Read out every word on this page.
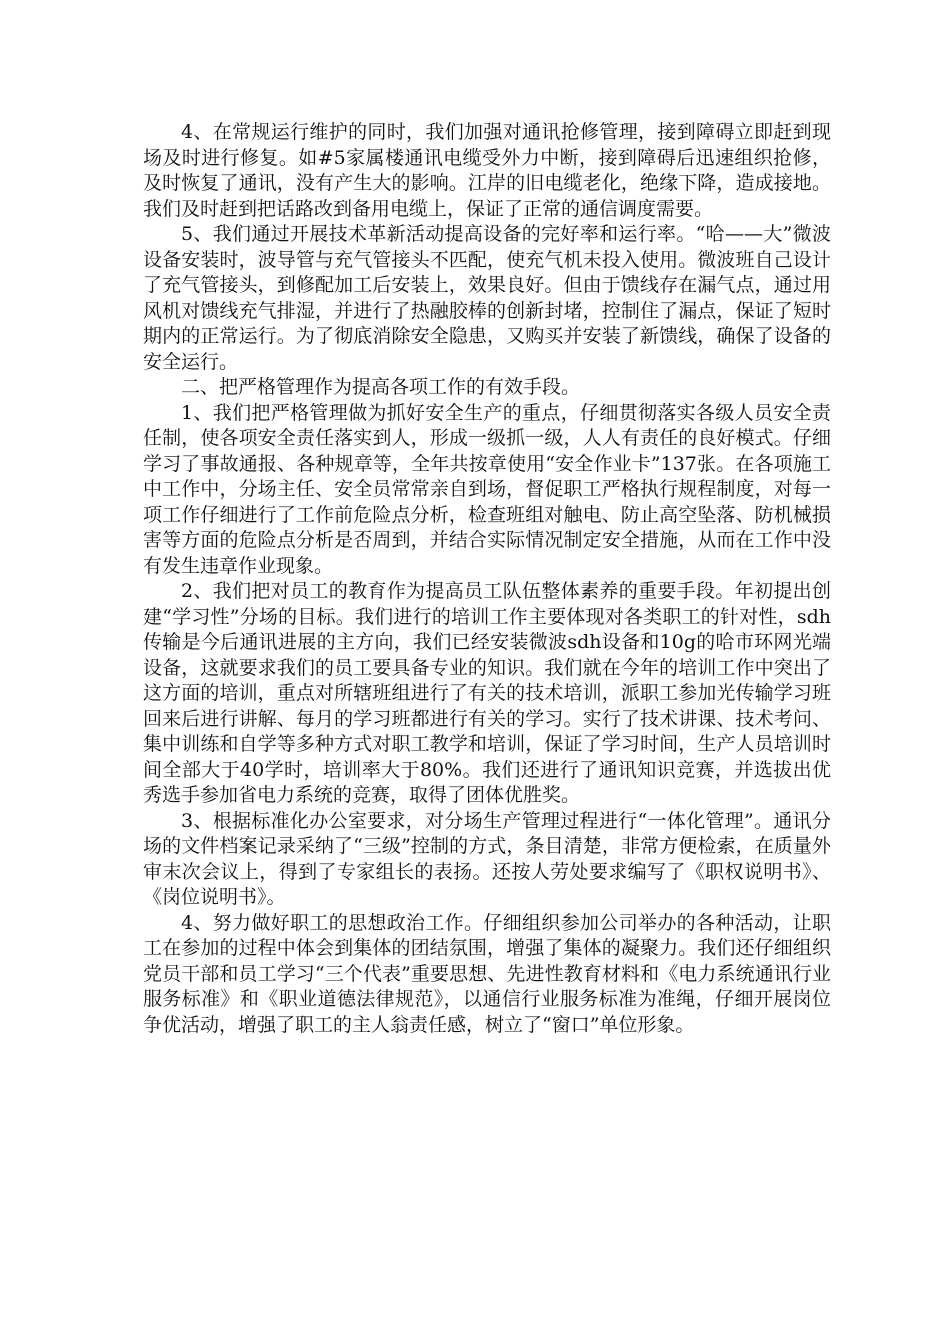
4、在常规运行维护的同时，我们加强对通讯抢修管理，接到障碍立即赶到现场及时进行修复。如#5家属楼通讯电缆受外力中断，接到障碍后迅速组织抢修，及时恢复了通讯，没有产生大的影响。江岸的旧电缆老化，绝缘下降，造成接地。我们及时赶到把话路改到备用电缆上，保证了正常的通信调度需要。

5、我们通过开展技术革新活动提高设备的完好率和运行率。“哈——大”微波设备安装时，波导管与充气管接头不匹配，使充气机未投入使用。微波班自己设计了充气管接头，到修配加工后安装上，效果良好。但由于馈线存在漏气点，通过用风机对馈线充气排湿，并进行了热融胶棒的创新封堵，控制住了漏点，保证了短时期内的正常运行。为了彻底消除安全隐患，又购买并安装了新馈线，确保了设备的安全运行。

二、把严格管理作为提高各项工作的有效手段。

1、我们把严格管理做为抓好安全生产的重点，仔细贯彻落实各级人员安全责任制，使各项安全责任落实到人，形成一级抓一级，人人有责任的良好模式。仔细学习了事故通报、各种规章等，全年共按章使用“安全作业卡”137张。在各项施工中工作中，分场主任、安全员常常亲自到场，督促职工严格执行规程制度，对每一项工作仔细进行了工作前危险点分析，检查班组对触电、防止高空坠落、防机械损害等方面的危险点分析是否周到，并结合实际情况制定安全措施，从而在工作中没有发生违章作业现象。

2、我们把对员工的教育作为提高员工队伍整体素养的重要手段。年初提出创建“学习性”分场的目标。我们进行的培训工作主要体现对各类职工的针对性，sdh传输是今后通讯进展的主方向，我们已经安装微波sdh设备和10g的哈市环网光端设备，这就要求我们的员工要具备专业的知识。我们就在今年的培训工作中突出了这方面的培训，重点对所辖班组进行了有关的技术培训，派职工参加光传输学习班回来后进行讲解、每月的学习班都进行有关的学习。实行了技术讲课、技术考问、集中训练和自学等多种方式对职工教学和培训，保证了学习时间，生产人员培训时间全部大于40学时，培训率大于80%。我们还进行了通讯知识竞赛，并选拔出优秀选手参加省电力系统的竞赛，取得了团体优胜奖。

3、根据标准化办公室要求，对分场生产管理过程进行“一体化管理”。通讯分场的文件档案记录采纳了“三级”控制的方式，条目清楚，非常方便检索，在质量外审末次会议上，得到了专家组长的表扬。还按人劳处要求编写了《职权说明书》、《岗位说明书》。

4、努力做好职工的思想政治工作。仔细组织参加公司举办的各种活动，让职工在参加的过程中体会到集体的团结氛围，增强了集体的凝聚力。我们还仔细组织党员干部和员工学习“三个代表”重要思想、先进性教育材料和《电力系统通讯行业服务标准》和《职业道德法律规范》，以通信行业服务标准为准绳，仔细开展岗位争优活动，增强了职工的主人翁责任感，树立了“窗口”单位形象。
